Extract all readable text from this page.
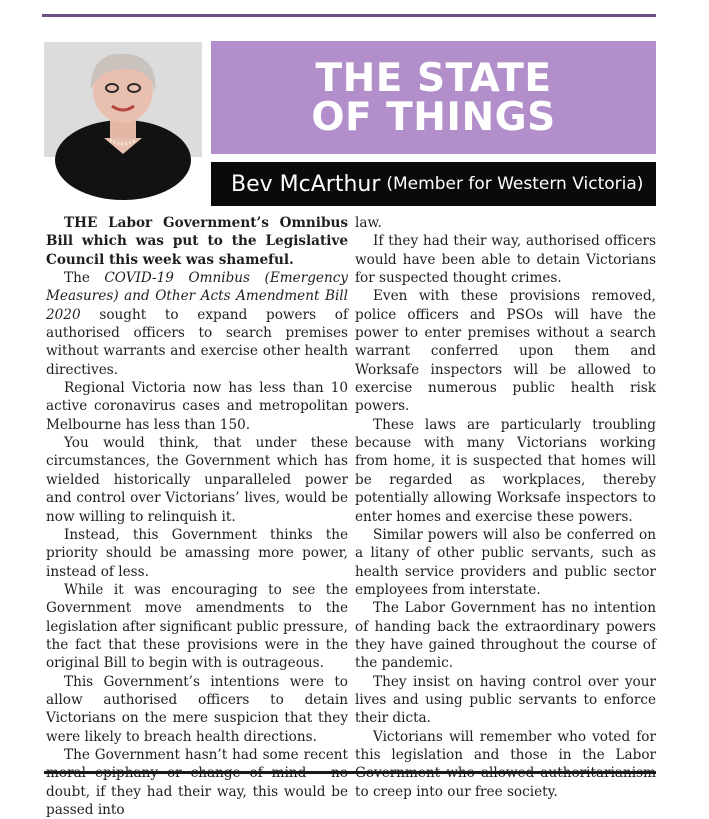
THE STATE
OF THINGS
Bev McArthur (Member for Western Victoria)

THE Labor Government’s Omnibus Bill which was put to the Legislative Council this week was shameful.

The COVID-19 Omnibus (Emergency Measures) and Other Acts Amendment Bill 2020 sought to expand powers of authorised officers to search premises without warrants and exercise other health directives.

Regional Victoria now has less than 10 active coronavirus cases and metropolitan Melbourne has less than 150.

You would think, that under these circumstances, the Government which has wielded historically unparalleled power and control over Victorians’ lives, would be now willing to relinquish it.

Instead, this Government thinks the priority should be amassing more power, instead of less.

While it was encouraging to see the Government move amendments to the legislation after significant public pressure, the fact that these provisions were in the original Bill to begin with is outrageous.

This Government’s intentions were to allow authorised officers to detain Victorians on the mere suspicion that they were likely to breach health directions.

The Government hasn’t had some recent doubt, if they had their way, this would be passed into

law.

If they had their way, authorised officers would have been able to detain Victorians for suspected thought crimes.

Even with these provisions removed, police officers and PSOs will have the power to enter premises without a search warrant conferred upon them and Worksafe inspectors will be allowed to exercise numerous public health risk powers.

These laws are particularly troubling because with many Victorians working from home, it is suspected that homes will be regarded as workplaces, thereby potentially allowing Worksafe inspectors to enter homes and exercise these powers.

Similar powers will also be conferred on a litany of other public servants, such as health service providers and public sector employees from interstate.

The Labor Government has no intention of handing back the extraordinary powers they have gained throughout the course of the pandemic.

They insist on having control over your lives and using public servants to enforce their dicta.

Victorians will remember who voted for this legislation and those in the Labor to creep into our free society.
